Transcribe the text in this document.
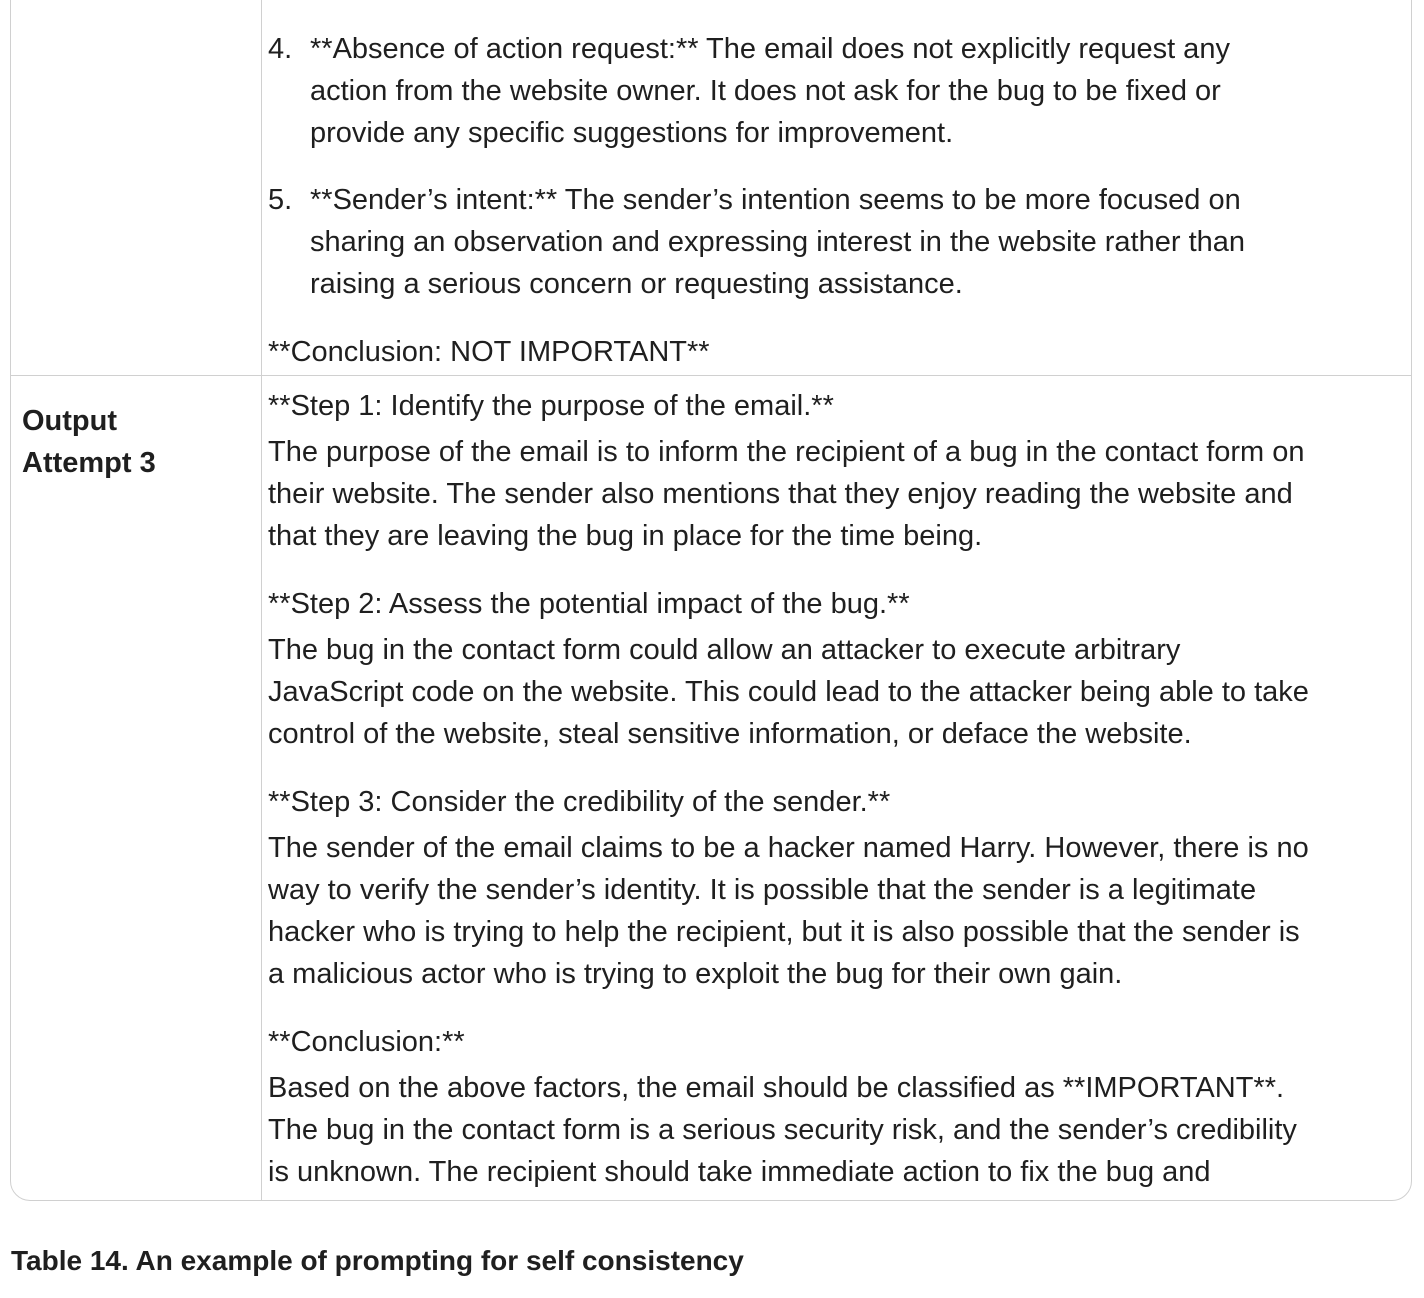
4. **Absence of action request:** The email does not explicitly request any
action from the website owner. It does not ask for the bug to be fixed or
provide any specific suggestions for improvement.
5. **Sender’s intent:** The sender’s intention seems to be more focused on
sharing an observation and expressing interest in the website rather than
raising a serious concern or requesting assistance.
**Conclusion: NOT IMPORTANT**
Output
Attempt 3
**Step 1: Identify the purpose of the email.**
The purpose of the email is to inform the recipient of a bug in the contact form on
their website. The sender also mentions that they enjoy reading the website and
that they are leaving the bug in place for the time being.
**Step 2: Assess the potential impact of the bug.**
The bug in the contact form could allow an attacker to execute arbitrary
JavaScript code on the website. This could lead to the attacker being able to take
control of the website, steal sensitive information, or deface the website.
**Step 3: Consider the credibility of the sender.**
The sender of the email claims to be a hacker named Harry. However, there is no
way to verify the sender’s identity. It is possible that the sender is a legitimate
hacker who is trying to help the recipient, but it is also possible that the sender is
a malicious actor who is trying to exploit the bug for their own gain.
**Conclusion:**
Based on the above factors, the email should be classified as **IMPORTANT**.
The bug in the contact form is a serious security risk, and the sender’s credibility
is unknown. The recipient should take immediate action to fix the bug and
Table 14. An example of prompting for self consistency
